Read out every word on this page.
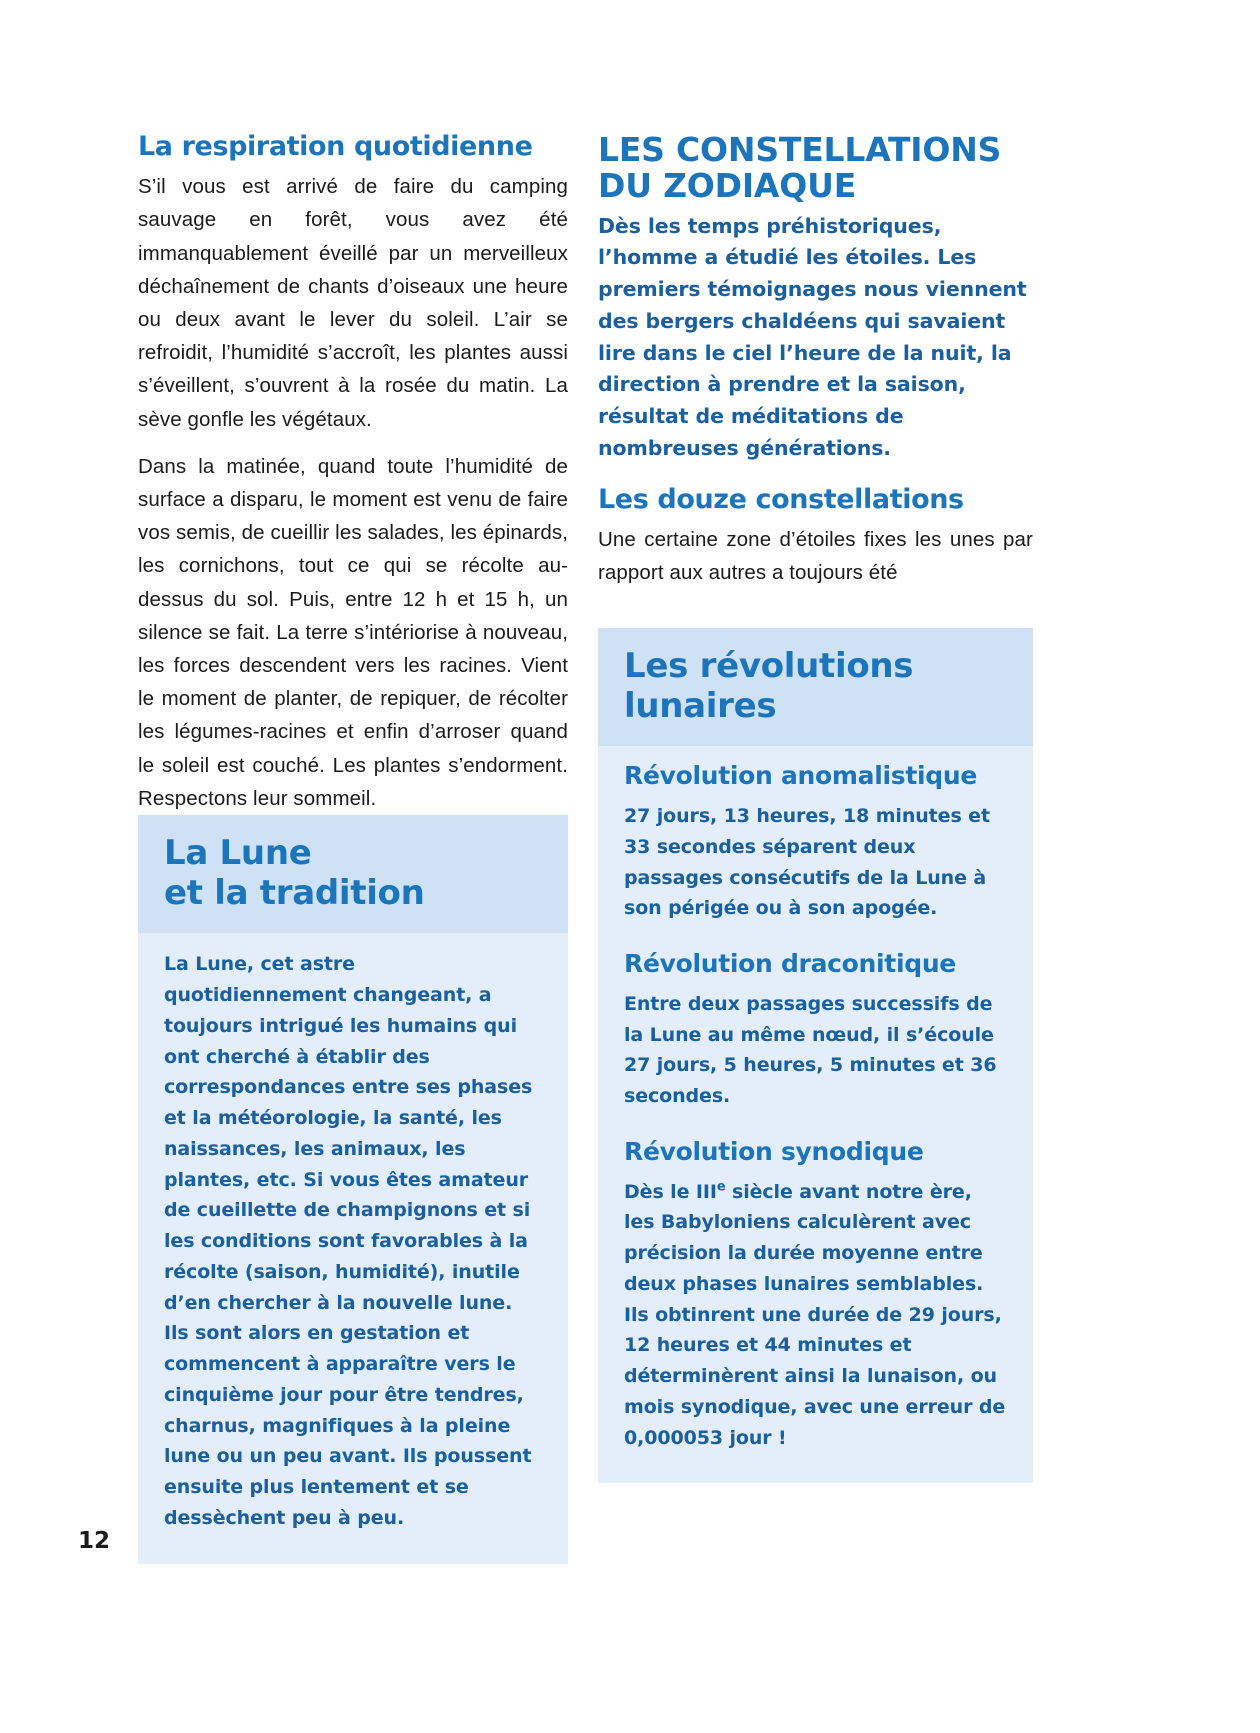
La respiration quotidienne

S’il vous est arrivé de faire du camping sauvage en forêt, vous avez été immanquablement éveillé par un merveilleux déchaînement de chants d’oiseaux une heure ou deux avant le lever du soleil. L’air se refroidit, l’humidité s’accroît, les plantes aussi s’éveillent, s’ouvrent à la rosée du matin. La sève gonfle les végétaux.

Dans la matinée, quand toute l’humidité de surface a disparu, le moment est venu de faire vos semis, de cueillir les salades, les épinards, les cornichons, tout ce qui se récolte au-dessus du sol. Puis, entre 12 h et 15 h, un silence se fait. La terre s’intériorise à nouveau, les forces descendent vers les racines. Vient le moment de planter, de repiquer, de récolter les légumes-racines et enfin d’arroser quand le soleil est couché. Les plantes s’endorment. Respectons leur sommeil.

La Lune
et la tradition

La Lune, cet astre quotidiennement changeant, a toujours intrigué les humains qui ont cherché à établir des correspondances entre ses phases et la météorologie, la santé, les naissances, les animaux, les plantes, etc. Si vous êtes amateur de cueillette de champignons et si les conditions sont favorables à la récolte (saison, humidité), inutile d’en chercher à la nouvelle lune. Ils sont alors en gestation et commencent à apparaître vers le cinquième jour pour être tendres, charnus, magnifiques à la pleine lune ou un peu avant. Ils poussent ensuite plus lentement et se dessèchent peu à peu.

LES CONSTELLATIONS
DU ZODIAQUE

Dès les temps préhistoriques, l’homme a étudié les étoiles. Les premiers témoignages nous viennent des bergers chaldéens qui savaient lire dans le ciel l’heure de la nuit, la direction à prendre et la saison, résultat de méditations de nombreuses générations.

Les douze constellations

Une certaine zone d’étoiles fixes les unes par rapport aux autres a toujours été

Les révolutions
lunaires
Révolution anomalistique

27 jours, 13 heures, 18 minutes et 33 secondes séparent deux passages consécutifs de la Lune à son périgée ou à son apogée.

Révolution draconitique

Entre deux passages successifs de la Lune au même nœud, il s’écoule 27 jours, 5 heures, 5 minutes et 36 secondes.

Révolution synodique

Dès le IIIe siècle avant notre ère, les Babyloniens calculèrent avec précision la durée moyenne entre deux phases lunaires semblables. Ils obtinrent une durée de 29 jours, 12 heures et 44 minutes et déterminèrent ainsi la lunaison, ou mois synodique, avec une erreur de 0,000053 jour !

12
